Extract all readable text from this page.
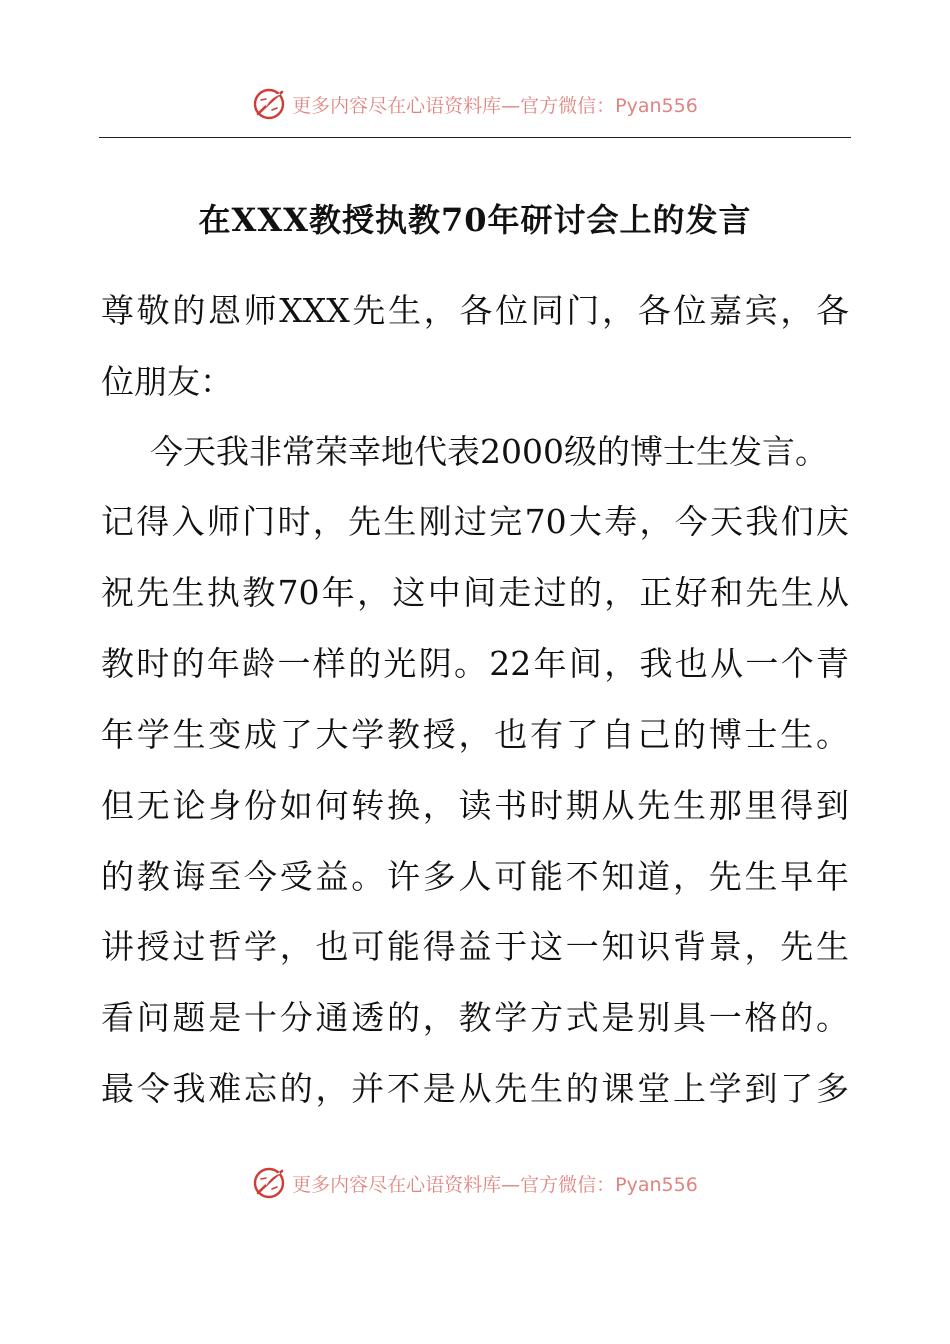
更多内容尽在心语资料库—官方微信：Pyan556
在XXX教授执教70年研讨会上的发言
尊敬的恩师XXX先生，各位同门，各位嘉宾，各
位朋友：
今天我非常荣幸地代表2000级的博士生发言。
记得入师门时，先生刚过完70大寿，今天我们庆
祝先生执教70年，这中间走过的，正好和先生从
教时的年龄一样的光阴。22年间，我也从一个青
年学生变成了大学教授，也有了自己的博士生。
但无论身份如何转换，读书时期从先生那里得到
的教诲至今受益。许多人可能不知道，先生早年
讲授过哲学，也可能得益于这一知识背景，先生
看问题是十分通透的，教学方式是别具一格的。
最令我难忘的，并不是从先生的课堂上学到了多
更多内容尽在心语资料库—官方微信：Pyan556
